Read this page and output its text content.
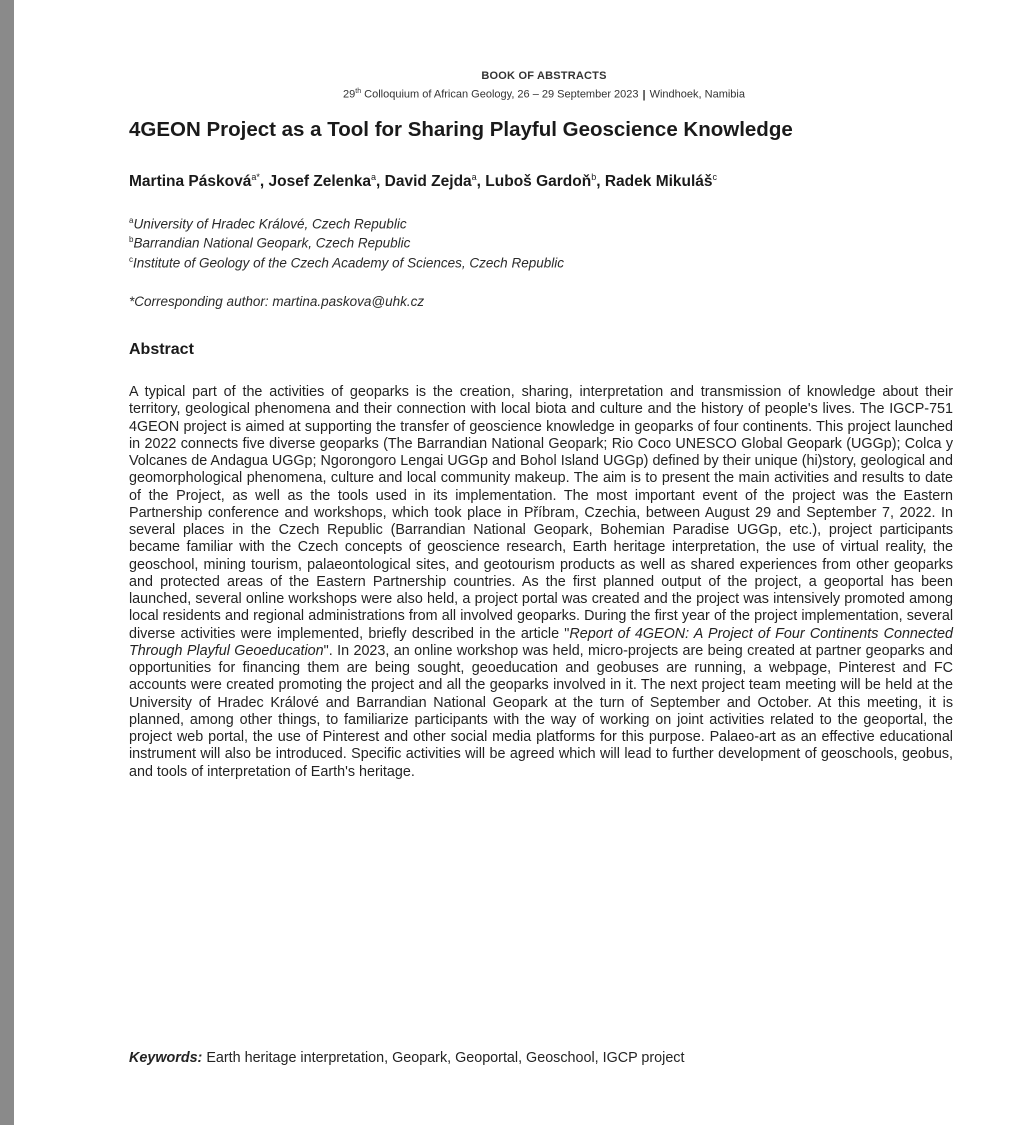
BOOK OF ABSTRACTS
29th Colloquium of African Geology, 26 – 29 September 2023 | Windhoek, Namibia
4GEON Project as a Tool for Sharing Playful Geoscience Knowledge
Martina Pásková$^{a*}$, Josef Zelenka$^a$, David Zejda$^a$, Luboš Gardoň$^b$, Radek Mikuláš$^c$
$^a$University of Hradec Králové, Czech Republic
$^b$Barrandian National Geopark, Czech Republic
$^c$Institute of Geology of the Czech Academy of Sciences, Czech Republic
*Corresponding author: martina.paskova@uhk.cz
Abstract
A typical part of the activities of geoparks is the creation, sharing, interpretation and transmission of knowledge about their territory, geological phenomena and their connection with local biota and culture and the history of people's lives. The IGCP-751 4GEON project is aimed at supporting the transfer of geoscience knowledge in geoparks of four continents. This project launched in 2022 connects five diverse geoparks (The Barrandian National Geopark; Rio Coco UNESCO Global Geopark (UGGp); Colca y Volcanes de Andagua UGGp; Ngorongoro Lengai UGGp and Bohol Island UGGp) defined by their unique (hi)story, geological and geomorphological phenomena, culture and local community makeup. The aim is to present the main activities and results to date of the Project, as well as the tools used in its implementation. The most important event of the project was the Eastern Partnership conference and workshops, which took place in Příbram, Czechia, between August 29 and September 7, 2022. In several places in the Czech Republic (Barrandian National Geopark, Bohemian Paradise UGGp, etc.), project participants became familiar with the Czech concepts of geoscience research, Earth heritage interpretation, the use of virtual reality, the geoschool, mining tourism, palaeontological sites, and geotourism products as well as shared experiences from other geoparks and protected areas of the Eastern Partnership countries. As the first planned output of the project, a geoportal has been launched, several online workshops were also held, a project portal was created and the project was intensively promoted among local residents and regional administrations from all involved geoparks. During the first year of the project implementation, several diverse activities were implemented, briefly described in the article "Report of 4GEON: A Project of Four Continents Connected Through Playful Geoeducation". In 2023, an online workshop was held, micro-projects are being created at partner geoparks and opportunities for financing them are being sought, geoeducation and geobuses are running, a webpage, Pinterest and FC accounts were created promoting the project and all the geoparks involved in it. The next project team meeting will be held at the University of Hradec Králové and Barrandian National Geopark at the turn of September and October. At this meeting, it is planned, among other things, to familiarize participants with the way of working on joint activities related to the geoportal, the project web portal, the use of Pinterest and other social media platforms for this purpose. Palaeo-art as an effective educational instrument will also be introduced. Specific activities will be agreed which will lead to further development of geoschools, geobus, and tools of interpretation of Earth's heritage.
Keywords: Earth heritage interpretation, Geopark, Geoportal, Geoschool, IGCP project
